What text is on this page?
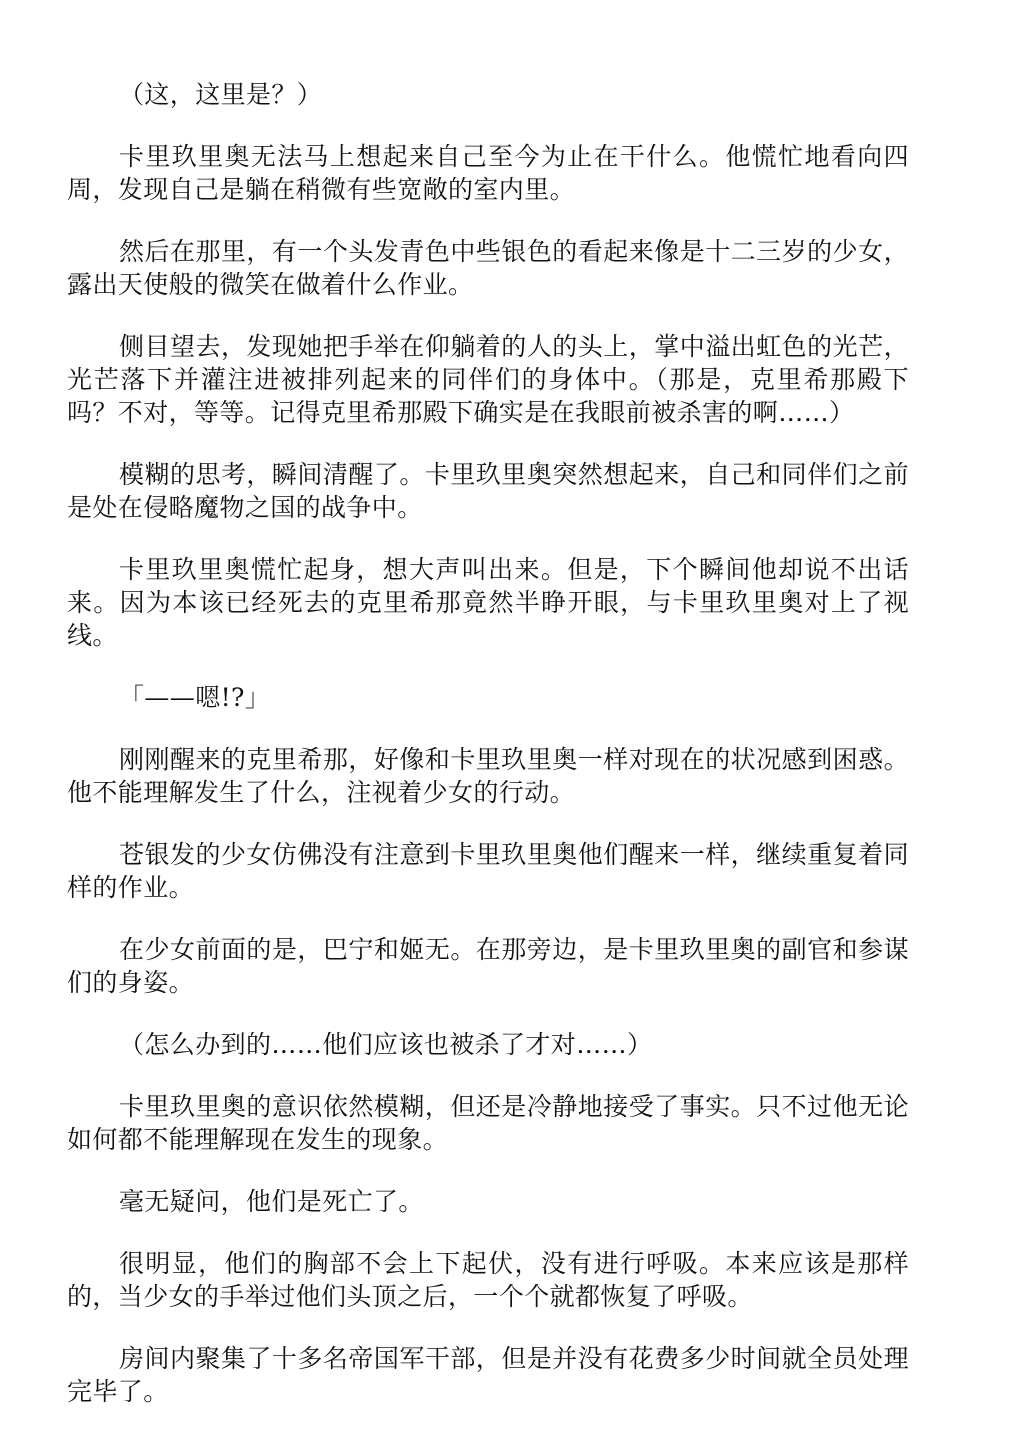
（这，这里是？）

卡里玖里奥无法马上想起来自己至今为止在干什么。他慌忙地看向四周，发现自己是躺在稍微有些宽敞的室内里。

然后在那里，有一个头发青色中些银色的看起来像是十二三岁的少女，露出天使般的微笑在做着什么作业。

侧目望去，发现她把手举在仰躺着的人的头上，掌中溢出虹色的光芒，光芒落下并灌注进被排列起来的同伴们的身体中。（那是，克里希那殿下吗？不对，等等。记得克里希那殿下确实是在我眼前被杀害的啊……）

模糊的思考，瞬间清醒了。卡里玖里奥突然想起来，自己和同伴们之前是处在侵略魔物之国的战争中。

卡里玖里奥慌忙起身，想大声叫出来。但是，下个瞬间他却说不出话来。因为本该已经死去的克里希那竟然半睁开眼，与卡里玖里奥对上了视线。

「——嗯!?」

刚刚醒来的克里希那，好像和卡里玖里奥一样对现在的状况感到困惑。他不能理解发生了什么，注视着少女的行动。

苍银发的少女仿佛没有注意到卡里玖里奥他们醒来一样，继续重复着同样的作业。

在少女前面的是，巴宁和姬无。在那旁边，是卡里玖里奥的副官和参谋们的身姿。

（怎么办到的……他们应该也被杀了才对……）

卡里玖里奥的意识依然模糊，但还是冷静地接受了事实。只不过他无论如何都不能理解现在发生的现象。

毫无疑问，他们是死亡了。

很明显，他们的胸部不会上下起伏，没有进行呼吸。本来应该是那样的，当少女的手举过他们头顶之后，一个个就都恢复了呼吸。

房间内聚集了十多名帝国军干部，但是并没有花费多少时间就全员处理完毕了。
